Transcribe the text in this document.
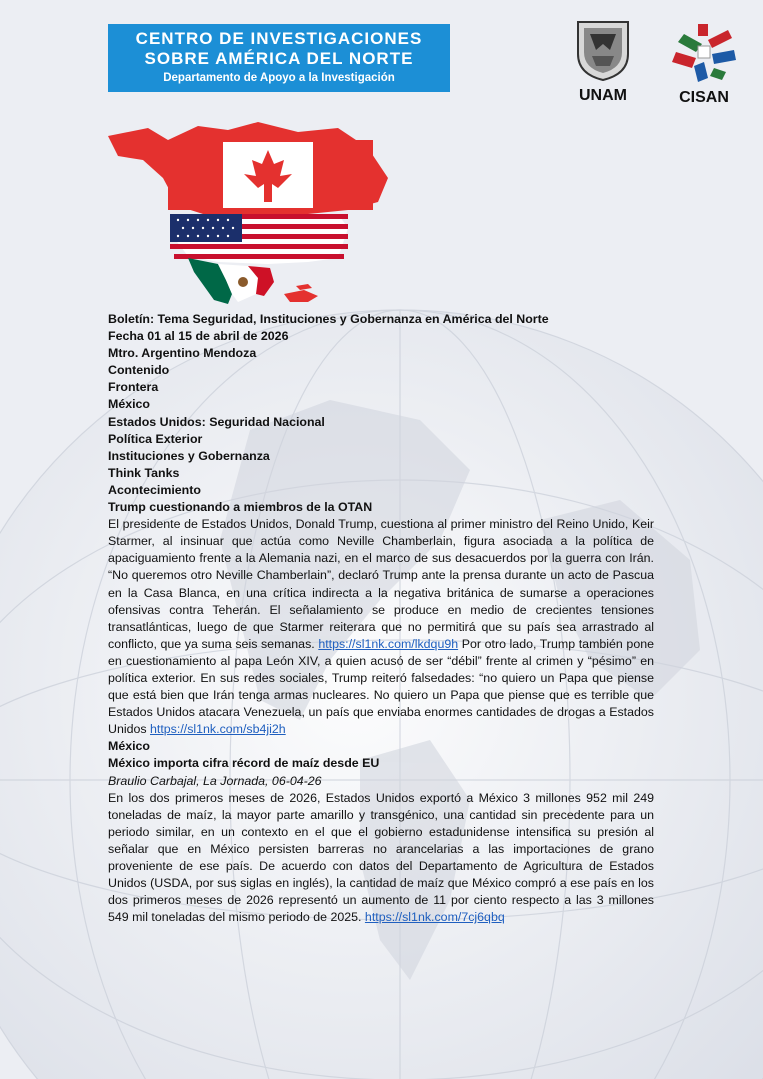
CENTRO DE INVESTIGACIONES
SOBRE AMÉRICA DEL NORTE
Departamento de Apoyo a la Investigación
UNAM	CISAN

Boletín: Tema Seguridad, Instituciones y Gobernanza en América del Norte

Fecha 01 al 15 de abril de 2026

Mtro. Argentino Mendoza

Contenido

Frontera

México

Estados Unidos: Seguridad Nacional

Política Exterior

Instituciones y Gobernanza

Think Tanks

Acontecimiento

Trump cuestionando a miembros de la OTAN

El presidente de Estados Unidos, Donald Trump, cuestiona al primer ministro del Reino Unido, Keir Starmer, al insinuar que actúa como Neville Chamberlain, figura asociada a la política de apaciguamiento frente a la Alemania nazi, en el marco de sus desacuerdos por la guerra con Irán. “No queremos otro Neville Chamberlain”, declaró Trump ante la prensa durante un acto de Pascua en la Casa Blanca, en una crítica indirecta a la negativa británica de sumarse a operaciones ofensivas contra Teherán. El señalamiento se produce en medio de crecientes tensiones transatlánticas, luego de que Starmer reiterara que no permitirá que su país sea arrastrado al conflicto, que ya suma seis semanas. https://sl1nk.com/lkdqu9h Por otro lado, Trump también pone en cuestionamiento al papa León XIV, a quien acusó de ser “débil” frente al crimen y “pésimo” en política exterior. En sus redes sociales, Trump reiteró falsedades: “no quiero un Papa que piense que está bien que Irán tenga armas nucleares. No quiero un Papa que piense que es terrible que Estados Unidos atacara Venezuela, un país que enviaba enormes cantidades de drogas a Estados Unidos https://sl1nk.com/sb4ji2h

México

México importa cifra récord de maíz desde EU

Braulio Carbajal, La Jornada, 06-04-26

En los dos primeros meses de 2026, Estados Unidos exportó a México 3 millones 952 mil 249 toneladas de maíz, la mayor parte amarillo y transgénico, una cantidad sin precedente para un periodo similar, en un contexto en el que el gobierno estadunidense intensifica su presión al señalar que en México persisten barreras no arancelarias a las importaciones de grano proveniente de ese país. De acuerdo con datos del Departamento de Agricultura de Estados Unidos (USDA, por sus siglas en inglés), la cantidad de maíz que México compró a ese país en los dos primeros meses de 2026 representó un aumento de 11 por ciento respecto a las 3 millones 549 mil toneladas del mismo periodo de 2025. https://sl1nk.com/7cj6qbq
